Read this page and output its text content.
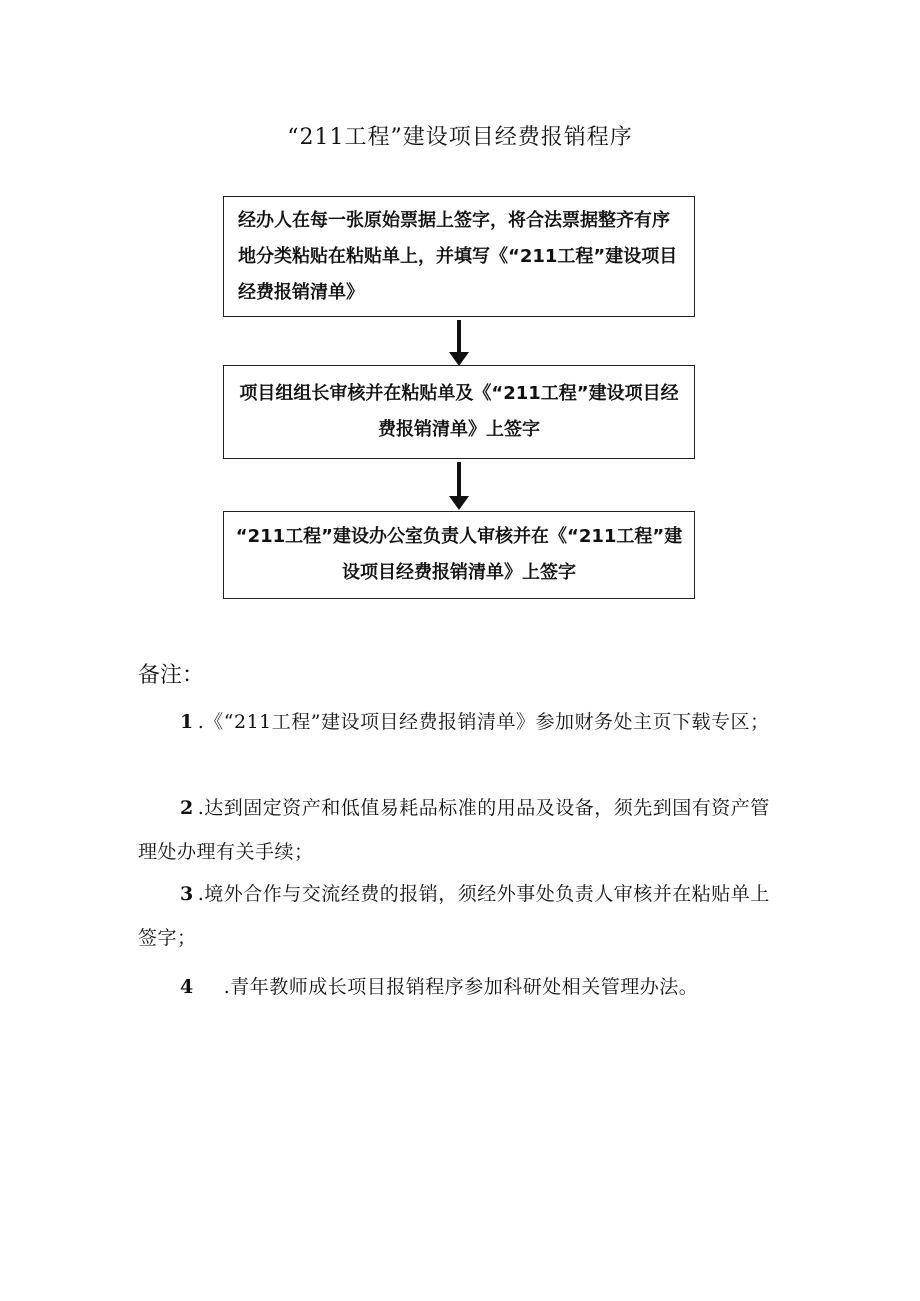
“211工程”建设项目经费报销程序
经办人在每一张原始票据上签字，将合法票据整齐有序地分类粘贴在粘贴单上，并填写《“211工程”建设项目经费报销清单》
项目组组长审核并在粘贴单及《“211工程”建设项目经费报销清单》上签字
“211工程”建设办公室负责人审核并在《“211工程”建设项目经费报销清单》上签字
备注：
1 .《“211工程”建设项目经费报销清单》参加财务处主页下载专区；
2 .达到固定资产和低值易耗品标准的用品及设备，须先到国有资产管理处办理有关手续；
3 .境外合作与交流经费的报销，须经外事处负责人审核并在粘贴单上签字；
4 .青年教师成长项目报销程序参加科研处相关管理办法。
